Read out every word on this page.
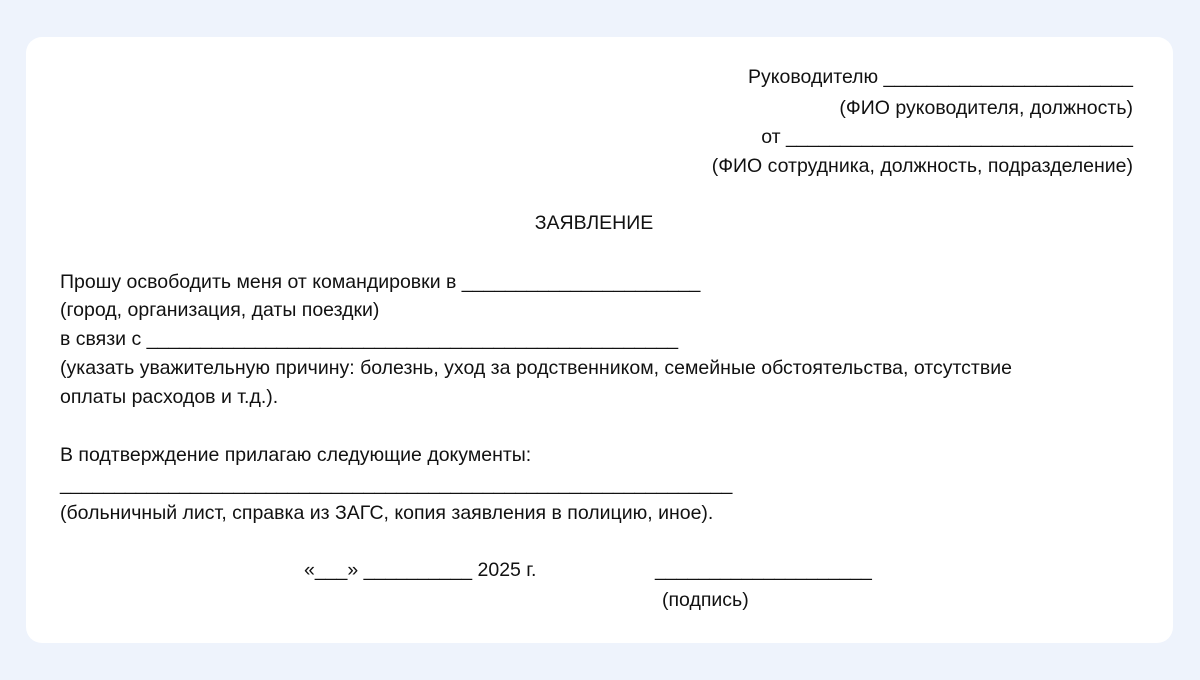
Руководителю _______________________
(ФИО руководителя, должность)
от ________________________________
(ФИО сотрудника, должность, подразделение)
ЗАЯВЛЕНИЕ
Прошу освободить меня от командировки в ______________________
(город, организация, даты поездки)
в связи с _________________________________________________
(указать уважительную причину: болезнь, уход за родственником, семейные обстоятельства, отсутствие
оплаты расходов и т.д.).
В подтверждение прилагаю следующие документы:
______________________________________________________________
(больничный лист, справка из ЗАГС, копия заявления в полицию, иное).
«___» __________ 2025 г.	____________________
(подпись)
